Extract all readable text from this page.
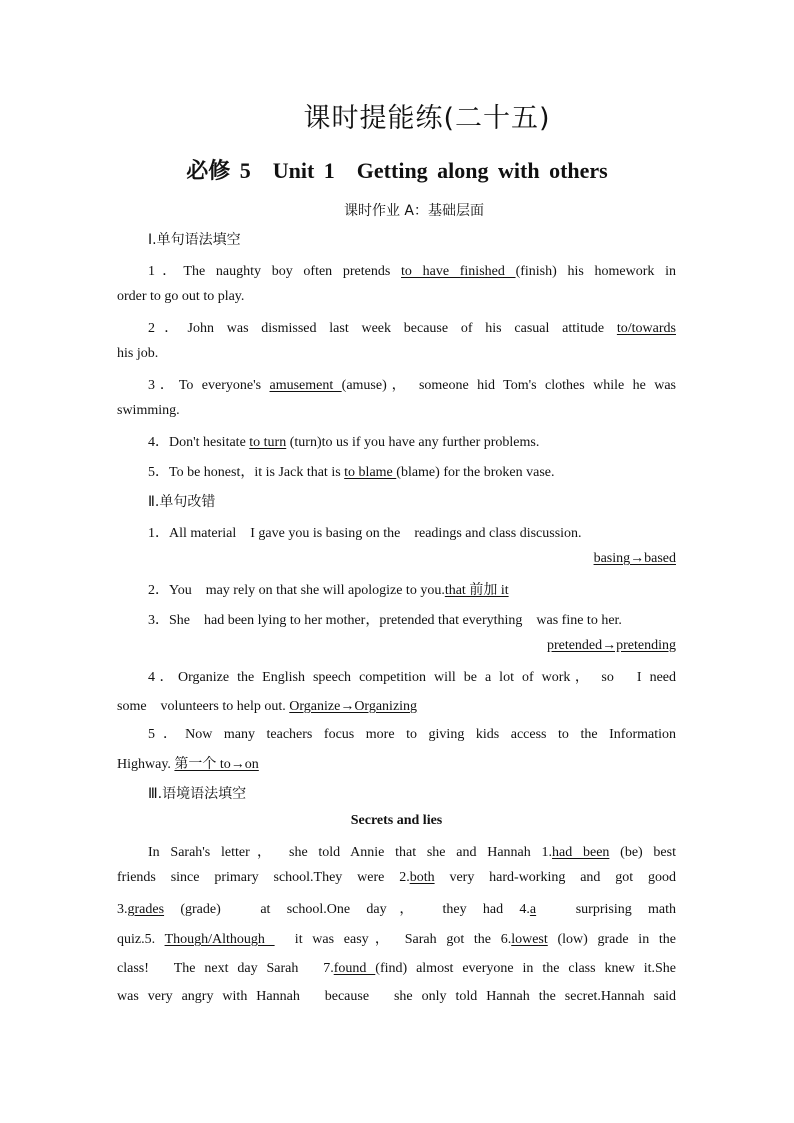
课时提能练(二十五)
必修 5　Unit 1　Getting along with others
课时作业 A：基础层面
Ⅰ.单句语法填空
1．The naughty boy often pretends to have finished (finish) his homework in
order to go out to play.
2．John was dismissed last week because of his casual attitude to/towards
his job.
3．To everyone's amusement (amuse)， someone hid Tom's clothes while he was
swimming.
4．Don't hesitate to turn (turn)to us if you have any further problems.
5．To be honest，it is Jack that is to blame (blame) for the broken vase.
Ⅱ.单句改错
1．All material　I gave you is basing on the　readings and class discussion.
basing→based
2．You　may rely on that she will apologize to you.that 前加 it
3．She　had been lying to her mother，pretended that everything　was fine to her.
pretended→pretending
4．Organize the English speech competition will be a lot of work， so　I need
some　volunteers to help out. Organize→Organizing
5．Now many teachers focus more to giving kids access to the Information
Highway. 第一个 to→on
Ⅲ.语境语法填空
Secrets and lies
In Sarah's letter， she told Annie that she and Hannah 1.had been (be) best
friends since primary school.They were 2.both very hard-working and got good
3.grades (grade)　at school.One day， they had 4.a　surprising math
quiz.5. Though/Although 　it was easy， Sarah got the 6.lowest (low) grade in the
class!　The next day Sarah　7.found (find) almost everyone in the class knew it.She
was very angry with Hannah　because　she only told Hannah the secret.Hannah said
